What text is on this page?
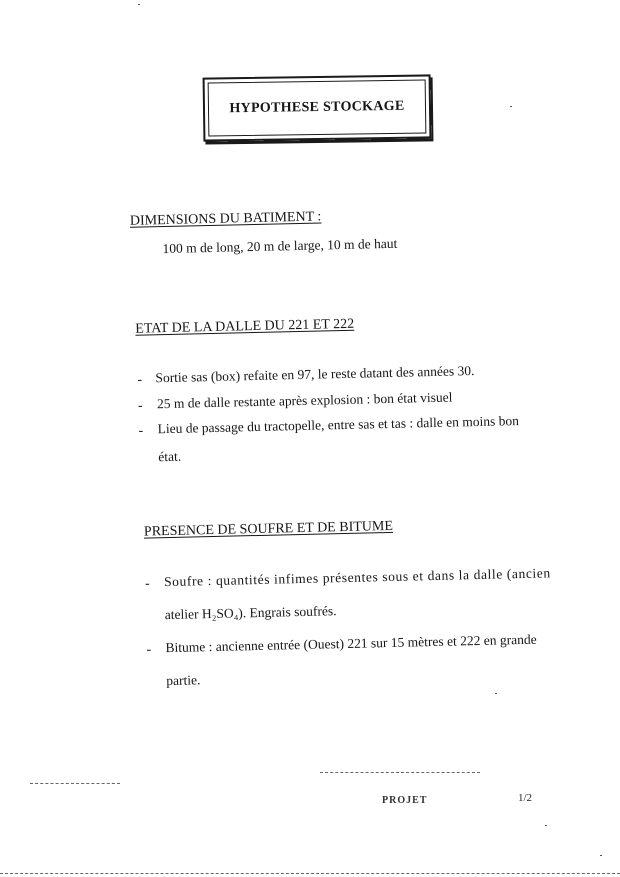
HYPOTHESE STOCKAGE
DIMENSIONS DU BATIMENT :
100 m de long, 20 m de large, 10 m de haut
ETAT DE LA DALLE DU 221 ET 222
- Sortie sas (box) refaite en 97, le reste datant des années 30.
- 25 m de dalle restante après explosion : bon état visuel
- Lieu de passage du tractopelle, entre sas et tas : dalle en moins bon
état.
PRESENCE DE SOUFRE ET DE BITUME
- Soufre : quantités infimes présentes sous et dans la dalle (ancien
atelier H₂SO₄). Engrais soufrés.
- Bitume : ancienne entrée (Ouest) 221 sur 15 mètres et 222 en grande
partie.
PROJET	1/2
